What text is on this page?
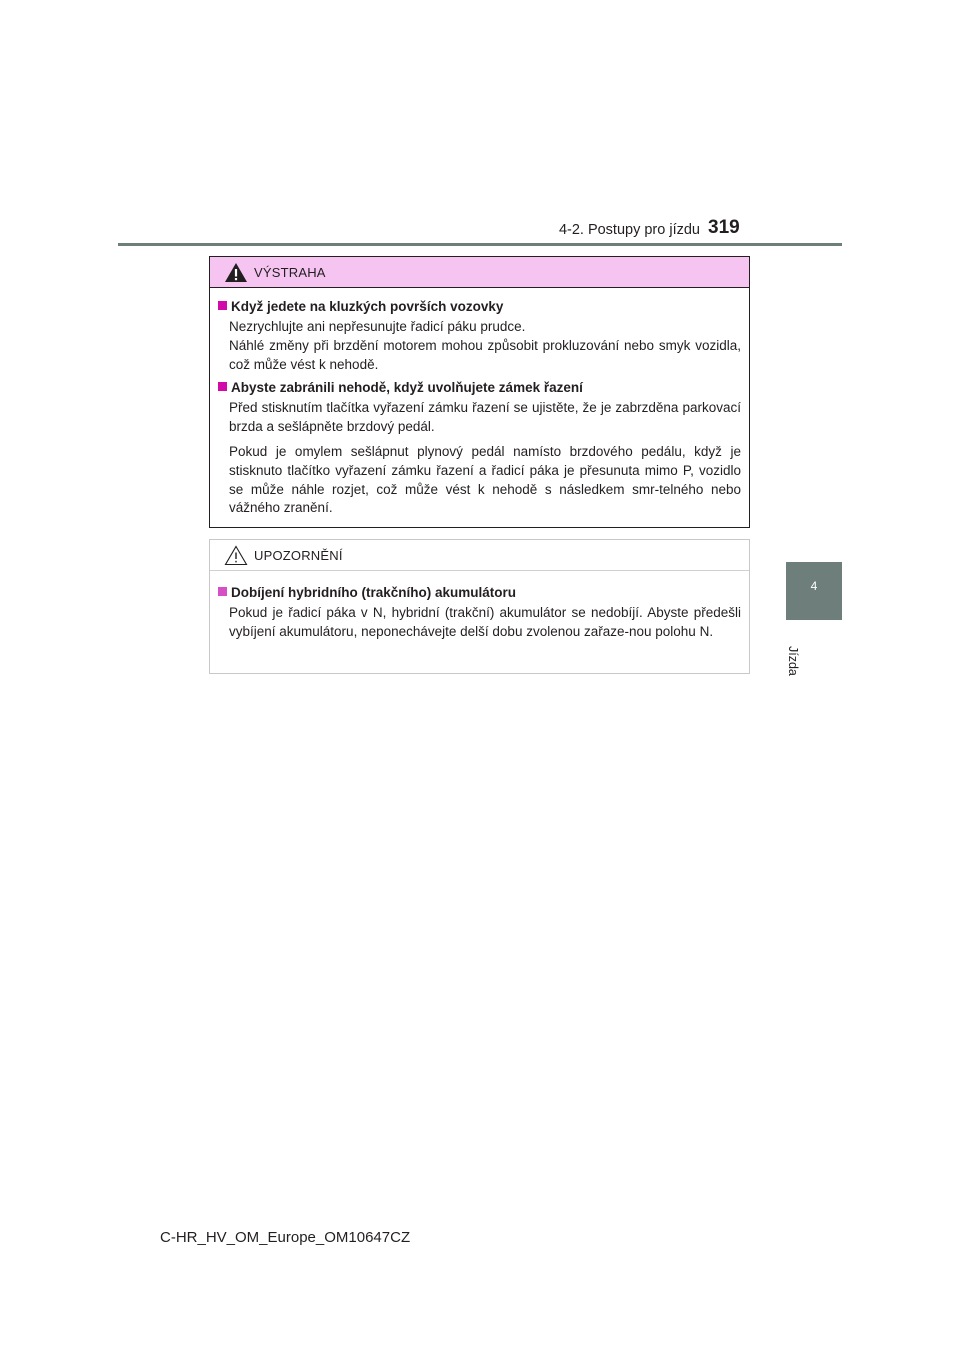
4-2. Postupy pro jízdu 319
4
Jízda
VÝSTRAHA
Když jedete na kluzkých površích vozovky
Nezrychlujte ani nepřesunujte řadicí páku prudce.
Náhlé změny při brzdění motorem mohou způsobit prokluzování nebo smyk vozidla, což může vést k nehodě.
Abyste zabránili nehodě, když uvolňujete zámek řazení
Před stisknutím tlačítka vyřazení zámku řazení se ujistěte, že je zabrzděna parkovací brzda a sešlápněte brzdový pedál.
Pokud je omylem sešlápnut plynový pedál namísto brzdového pedálu, když je stisknuto tlačítko vyřazení zámku řazení a řadicí páka je přesunuta mimo P, vozidlo se může náhle rozjet, což může vést k nehodě s následkem smr-telného nebo vážného zranění.
UPOZORNĚNÍ
Dobíjení hybridního (trakčního) akumulátoru
Pokud je řadicí páka v N, hybridní (trakční) akumulátor se nedobíjí. Abyste předešli vybíjení akumulátoru, neponechávejte delší dobu zvolenou zařaze-nou polohu N.
C-HR_HV_OM_Europe_OM10647CZ
